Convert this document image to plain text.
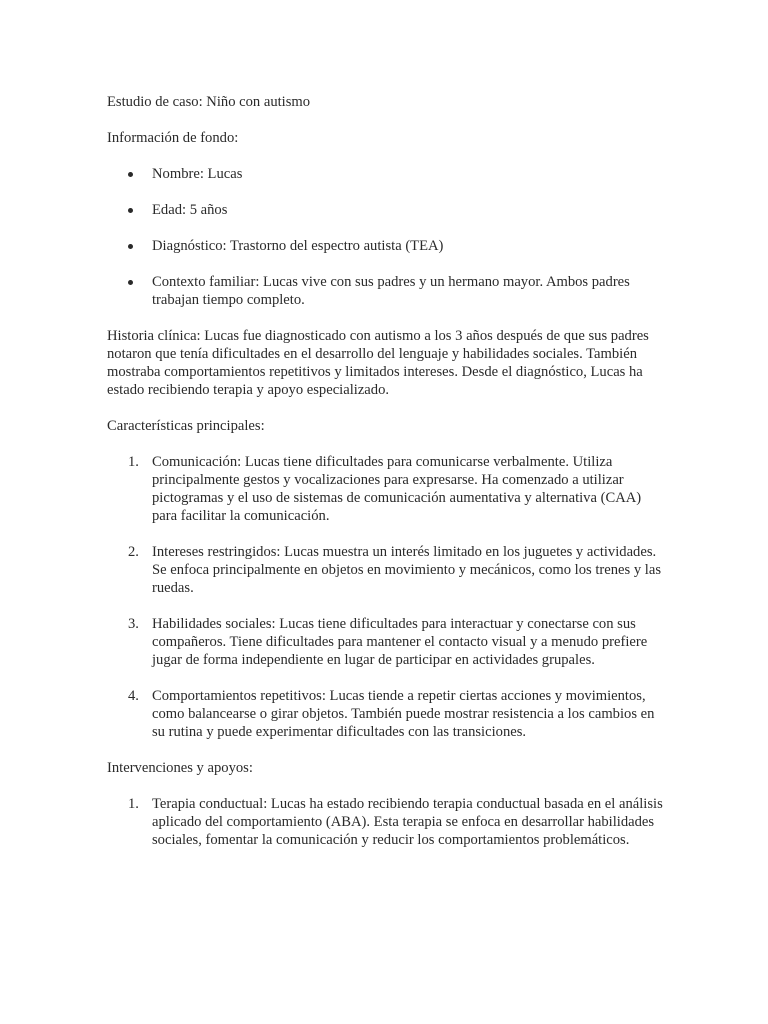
Estudio de caso: Niño con autismo

Información de fondo:

Nombre: Lucas
Edad: 5 años
Diagnóstico: Trastorno del espectro autista (TEA)
Contexto familiar: Lucas vive con sus padres y un hermano mayor. Ambos padres trabajan tiempo completo.

Historia clínica: Lucas fue diagnosticado con autismo a los 3 años después de que sus padres notaron que tenía dificultades en el desarrollo del lenguaje y habilidades sociales. También mostraba comportamientos repetitivos y limitados intereses. Desde el diagnóstico, Lucas ha estado recibiendo terapia y apoyo especializado.

Características principales:

1. Comunicación: Lucas tiene dificultades para comunicarse verbalmente. Utiliza principalmente gestos y vocalizaciones para expresarse. Ha comenzado a utilizar pictogramas y el uso de sistemas de comunicación aumentativa y alternativa (CAA) para facilitar la comunicación.
2. Intereses restringidos: Lucas muestra un interés limitado en los juguetes y actividades. Se enfoca principalmente en objetos en movimiento y mecánicos, como los trenes y las ruedas.
3. Habilidades sociales: Lucas tiene dificultades para interactuar y conectarse con sus compañeros. Tiene dificultades para mantener el contacto visual y a menudo prefiere jugar de forma independiente en lugar de participar en actividades grupales.
4. Comportamientos repetitivos: Lucas tiende a repetir ciertas acciones y movimientos, como balancearse o girar objetos. También puede mostrar resistencia a los cambios en su rutina y puede experimentar dificultades con las transiciones.

Intervenciones y apoyos:

1. Terapia conductual: Lucas ha estado recibiendo terapia conductual basada en el análisis aplicado del comportamiento (ABA). Esta terapia se enfoca en desarrollar habilidades sociales, fomentar la comunicación y reducir los comportamientos problemáticos.
